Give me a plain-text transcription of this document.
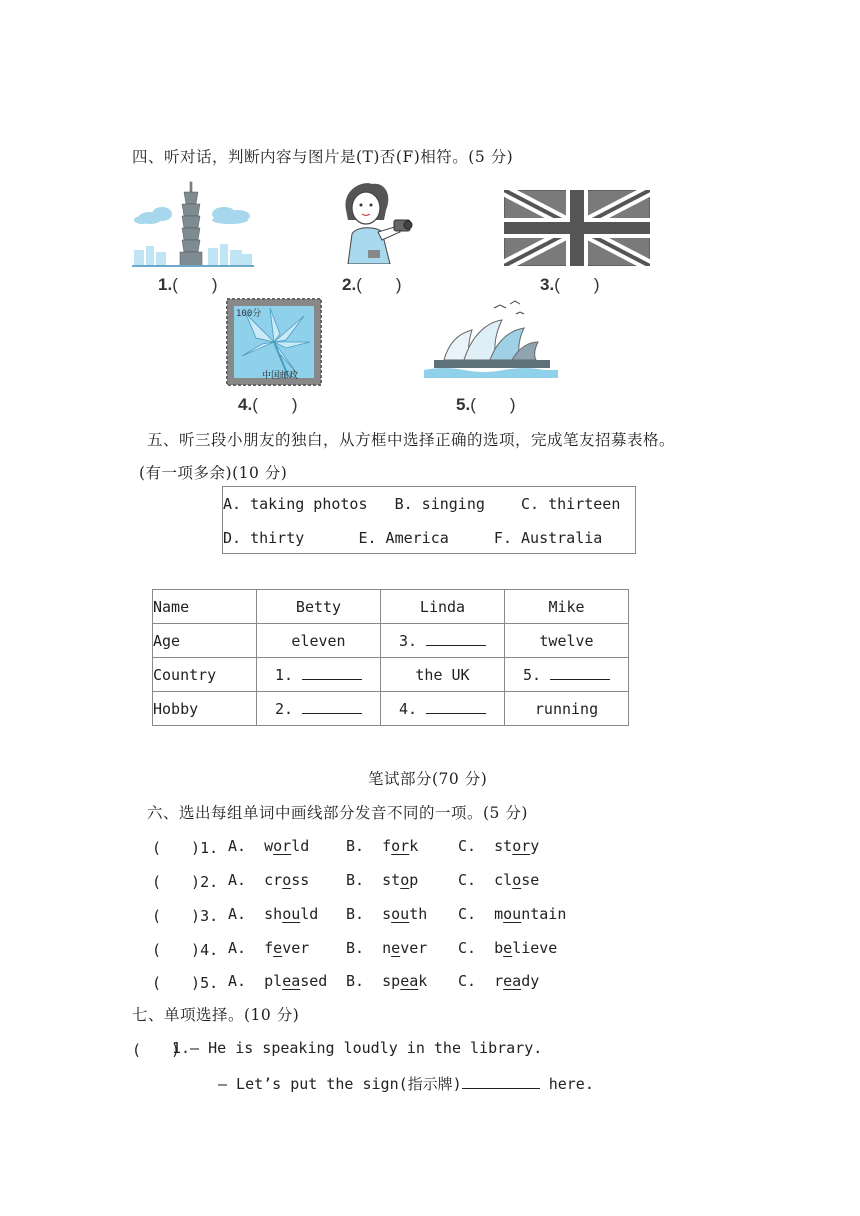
四、听对话，判断内容与图片是(T)否(F)相符。(5 分)
1.(　　)	2.(　　)	3.(　　)
100分
中国邮政
4.(　　)	5.(　　)
五、听三段小朋友的独白，从方框中选择正确的选项，完成笔友招募表格。
(有一项多余)(10 分)
A. taking photos   B. singing    C. thirteen
D. thirty      E. America     F. Australia
Name	Betty	Linda	Mike
Age	eleven	3.	twelve
Country	1.	the UK	5.
Hobby	2.	4.	running
笔试部分(70 分)
六、选出每组单词中画线部分发音不同的一项。(5 分)
(　　)1. A.  world B.  fork	C.  story
(　　)2. A.  cross B.  stop	C.  close
(　　)3. A.  should B.  south C.  mountain
(　　)4. A.  fever B.  never C.  believe
(　　)5. A.  pleased B.  speak C.  ready
七、单项选择。(10 分)
(　　)
1.— He is speaking loudly in the library.
— Let’s put the sign(指示牌)	here.
